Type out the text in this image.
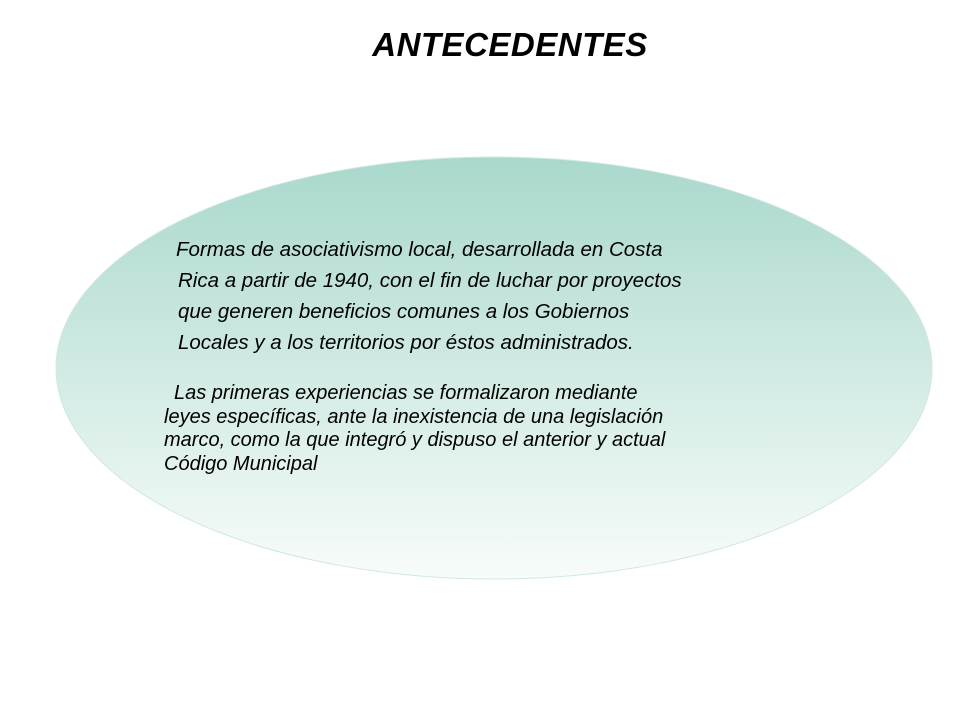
ANTECEDENTES
Formas de asociativismo local, desarrollada en Costa
Rica a partir de 1940, con el fin de luchar por proyectos
que generen beneficios comunes a los Gobiernos
Locales y a los territorios por éstos administrados.
Las primeras experiencias se formalizaron mediante
leyes específicas, ante la inexistencia de una legislación
marco, como la que integró y dispuso el anterior y actual
Código Municipal
